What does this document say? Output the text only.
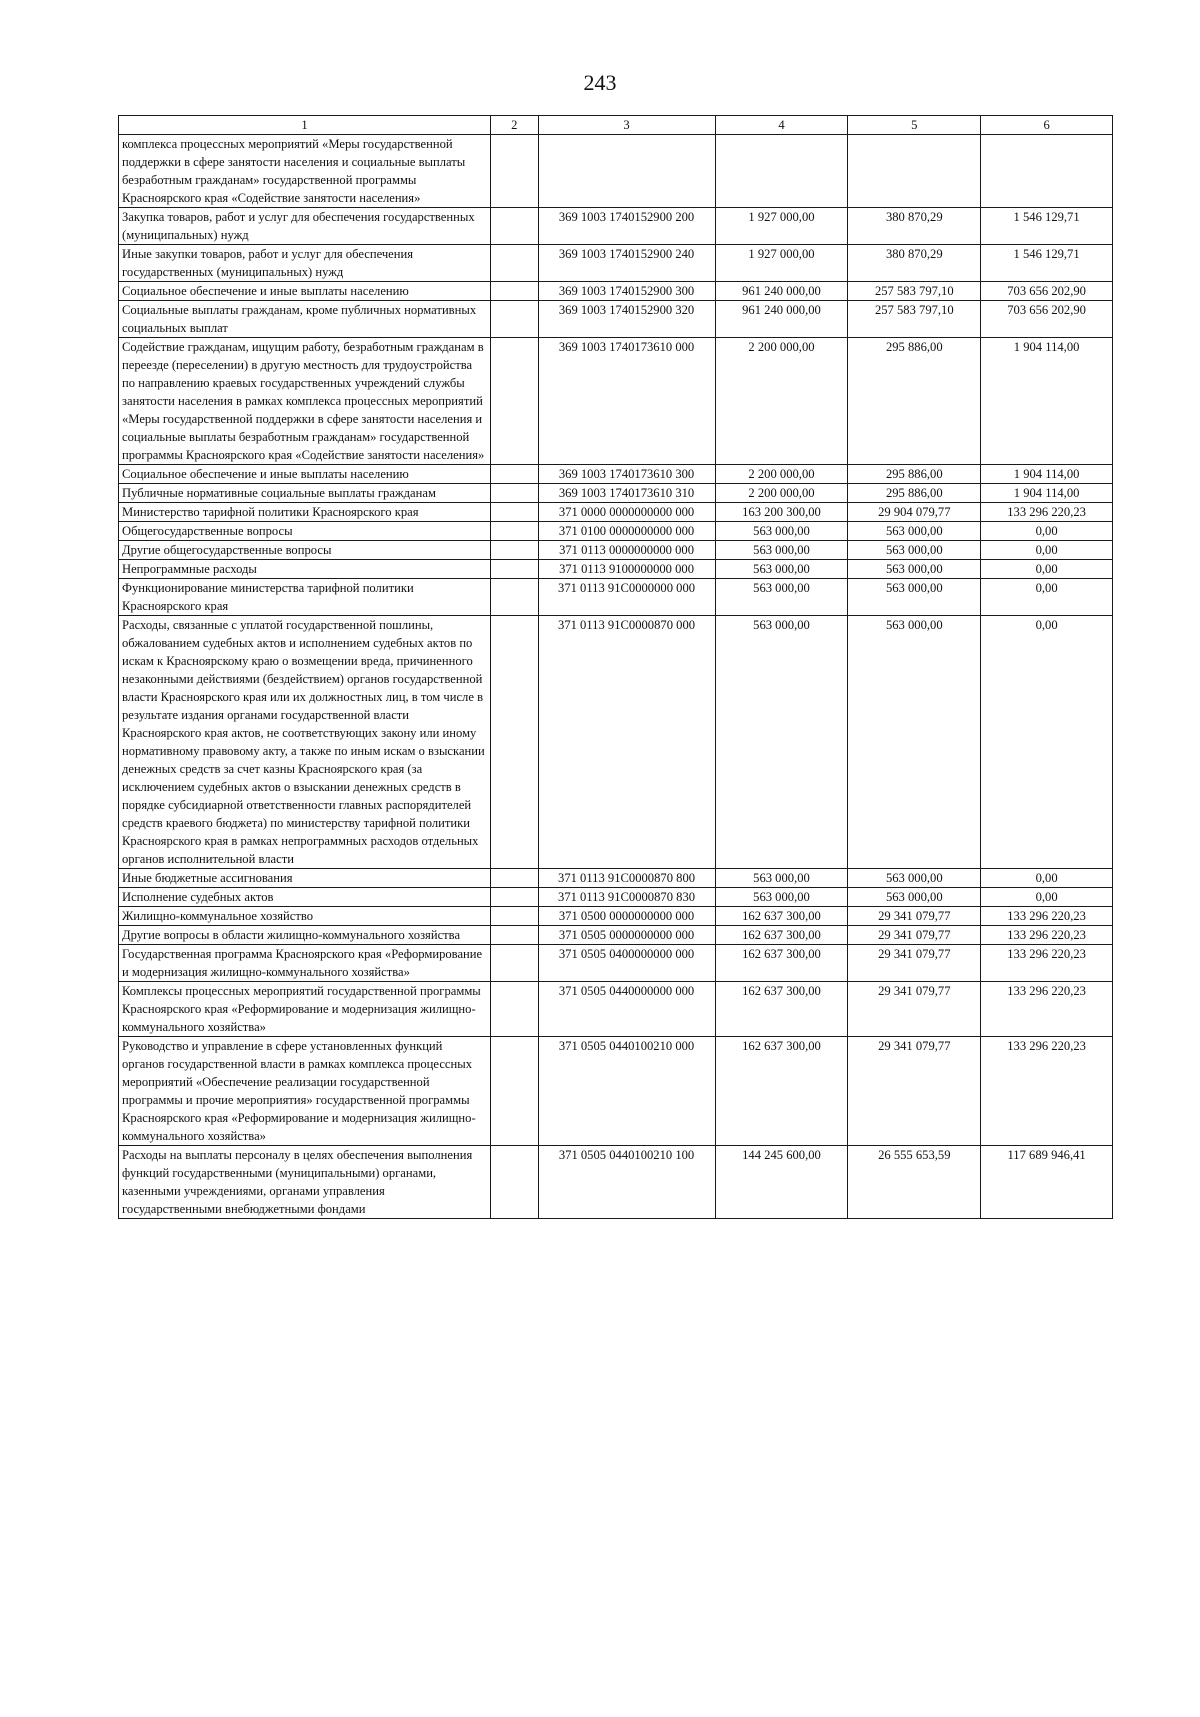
243
1	2	3	4	5	6
комплекса процессных мероприятий «Меры государственной поддержки в сфере занятости населения и социальные выплаты безработным гражданам» государственной программы Красноярского края «Содействие занятости населения»					
Закупка товаров, работ и услуг для обеспечения государственных (муниципальных) нужд		369 1003 1740152900 200	1 927 000,00	380 870,29	1 546 129,71
Иные закупки товаров, работ и услуг для обеспечения государственных (муниципальных) нужд		369 1003 1740152900 240	1 927 000,00	380 870,29	1 546 129,71
Социальное обеспечение и иные выплаты населению		369 1003 1740152900 300	961 240 000,00	257 583 797,10	703 656 202,90
Социальные выплаты гражданам, кроме публичных нормативных социальных выплат		369 1003 1740152900 320	961 240 000,00	257 583 797,10	703 656 202,90
Содействие гражданам, ищущим работу, безработным гражданам в переезде (переселении) в другую местность для трудоустройства по направлению краевых государственных учреждений службы занятости населения в рамках комплекса процессных мероприятий «Меры государственной поддержки в сфере занятости населения и социальные выплаты безработным гражданам» государственной программы Красноярского края «Содействие занятости населения»		369 1003 1740173610 000	2 200 000,00	295 886,00	1 904 114,00
Социальное обеспечение и иные выплаты населению		369 1003 1740173610 300	2 200 000,00	295 886,00	1 904 114,00
Публичные нормативные социальные выплаты гражданам		369 1003 1740173610 310	2 200 000,00	295 886,00	1 904 114,00
Министерство тарифной политики Красноярского края		371 0000 0000000000 000	163 200 300,00	29 904 079,77	133 296 220,23
Общегосударственные вопросы		371 0100 0000000000 000	563 000,00	563 000,00	0,00
Другие общегосударственные вопросы		371 0113 0000000000 000	563 000,00	563 000,00	0,00
Непрограммные расходы		371 0113 9100000000 000	563 000,00	563 000,00	0,00
Функционирование министерства тарифной политики Красноярского края		371 0113 91C0000000 000	563 000,00	563 000,00	0,00
Расходы, связанные с уплатой государственной пошлины, обжалованием судебных актов и исполнением судебных актов по искам к Красноярскому краю о возмещении вреда, причиненного незаконными действиями (бездействием) органов государственной власти Красноярского края или их должностных лиц, в том числе в результате издания органами государственной власти Красноярского края актов, не соответствующих закону или иному нормативному правовому акту, а также по иным искам о взыскании денежных средств за счет казны Красноярского края (за исключением судебных актов о взыскании денежных средств в порядке субсидиарной ответственности главных распорядителей средств краевого бюджета) по министерству тарифной политики Красноярского края в рамках непрограммных расходов отдельных органов исполнительной власти		371 0113 91C0000870 000	563 000,00	563 000,00	0,00
Иные бюджетные ассигнования		371 0113 91C0000870 800	563 000,00	563 000,00	0,00
Исполнение судебных актов		371 0113 91C0000870 830	563 000,00	563 000,00	0,00
Жилищно-коммунальное хозяйство		371 0500 0000000000 000	162 637 300,00	29 341 079,77	133 296 220,23
Другие вопросы в области жилищно-коммунального хозяйства		371 0505 0000000000 000	162 637 300,00	29 341 079,77	133 296 220,23
Государственная программа Красноярского края «Реформирование и модернизация жилищно-коммунального хозяйства»		371 0505 0400000000 000	162 637 300,00	29 341 079,77	133 296 220,23
Комплексы процессных мероприятий государственной программы Красноярского края «Реформирование и модернизация жилищно-коммунального хозяйства»		371 0505 0440000000 000	162 637 300,00	29 341 079,77	133 296 220,23
Руководство и управление в сфере установленных функций органов государственной власти в рамках комплекса процессных мероприятий «Обеспечение реализации государственной программы и прочие мероприятия» государственной программы Красноярского края «Реформирование и модернизация жилищно-коммунального хозяйства»		371 0505 0440100210 000	162 637 300,00	29 341 079,77	133 296 220,23
Расходы на выплаты персоналу в целях обеспечения выполнения функций государственными (муниципальными) органами, казенными учреждениями, органами управления государственными внебюджетными фондами		371 0505 0440100210 100	144 245 600,00	26 555 653,59	117 689 946,41
